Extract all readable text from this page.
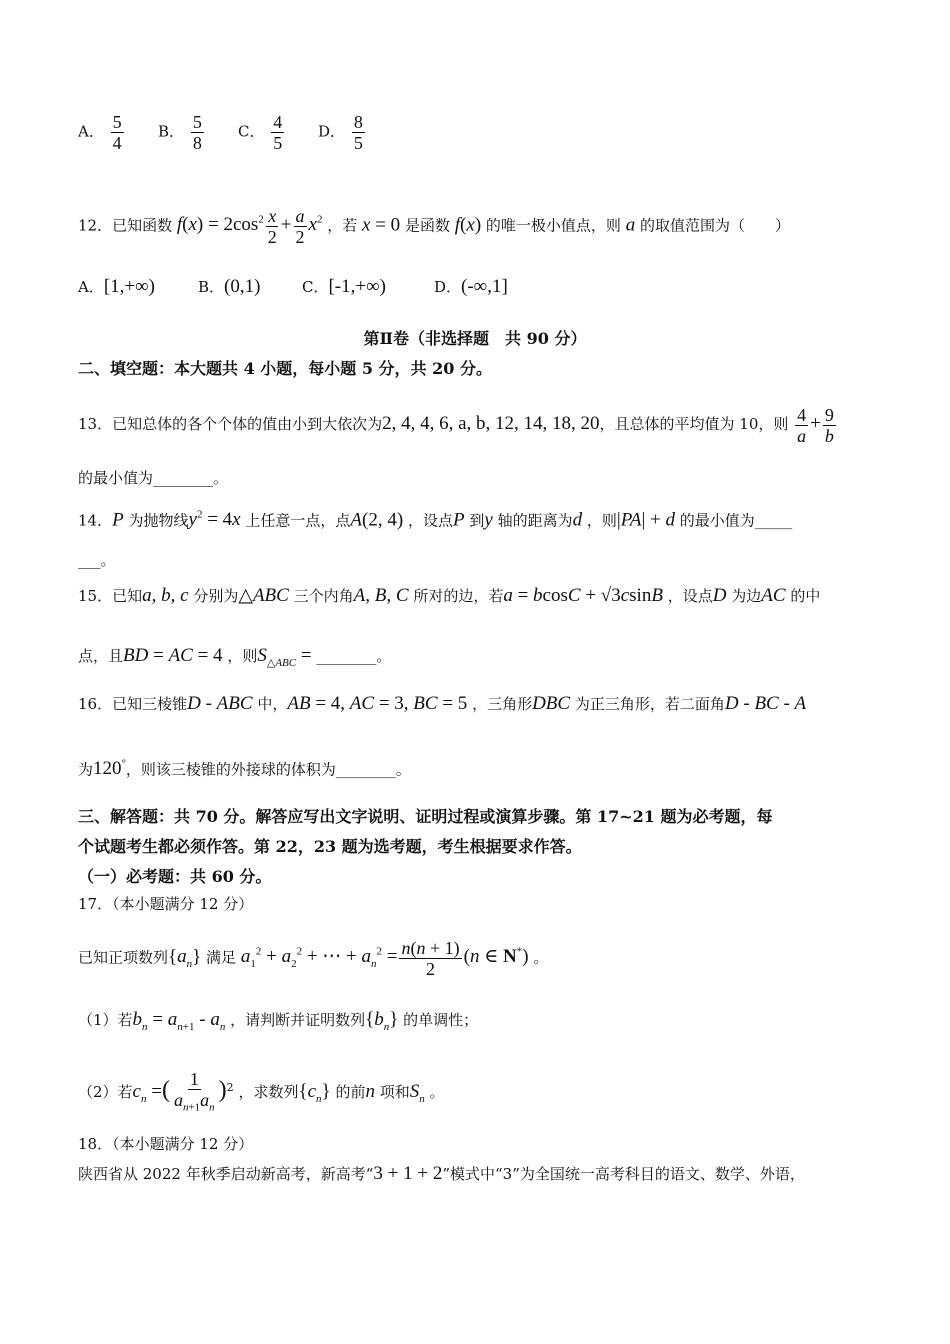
A． $\frac{5}{4}$ B． $\frac{5}{8}$ C． $\frac{4}{5}$ D． $\frac{8}{5}$
12．已知函数 $f(x) = 2\cos^2 \frac{x}{2} + \frac{a}{2} x^2$ ，若 x = 0 是函数 f(x) 的唯一极小值点，则 a 的取值范围为（　　）
A．[1,+∞)	B．(0,1)	C．[-1,+∞)	D．(-∞,1]
第Ⅱ卷（非选择题　共 90 分）
二、填空题：本大题共 4 小题，每小题 5 分，共 20 分。
13．已知总体的各个个体的值由小到大依次为2, 4, 4, 6, a, b, 12, 14, 18, 20，且总体的平均值为 10，则 $\frac{4}{a} + \frac{9}{b}$
的最小值为________。
14．P 为抛物线$y^2 = 4x$ 上任意一点，点A(2, 4) ，设点P 到y 轴的距离为d ，则|PA| + d 的最小值为_____
___。
15．已知a, b, c 分别为△ABC 三个内角A, B, C 所对的边，若a = bcosC + √3csinB ，设点D 为边AC 的中
点，且BD = AC = 4 ，则$S_{\triangle ABC}$ = ________。
16．已知三棱锥D - ABC 中，AB = 4, AC = 3, BC = 5 ，三角形DBC 为正三角形，若二面角D - BC - A
为120°，则该三棱锥的外接球的体积为________。
三、解答题：共 70 分。解答应写出文字说明、证明过程或演算步骤。第 17~21 题为必考题，每
个试题考生都必须作答。第 22，23 题为选考题，考生根据要求作答。
（一）必考题：共 60 分。
17．（本小题满分 12 分）
已知正项数列$\{a_n\}$ 满足 $a_1^2 + a_2^2$ + ⋯ + $a_n^2 = \frac{n(n + 1)}{2} (n$ ∈ N*) 。
（1）若$b_n = a_{n+1} - a_n$ ，请判断并证明数列$\{b_n\}$ 的单调性；
（2）若$c_n$ =( $\frac{1}{a_{n+1}a_n} )^2$ ，求数列$\{c_n\}$ 的前n 项和$S_n$ 。
18．（本小题满分 12 分）
陕西省从 2022 年秋季启动新高考，新高考“3 + 1 + 2”模式中“3”为全国统一高考科目的语文、数学、外语，
